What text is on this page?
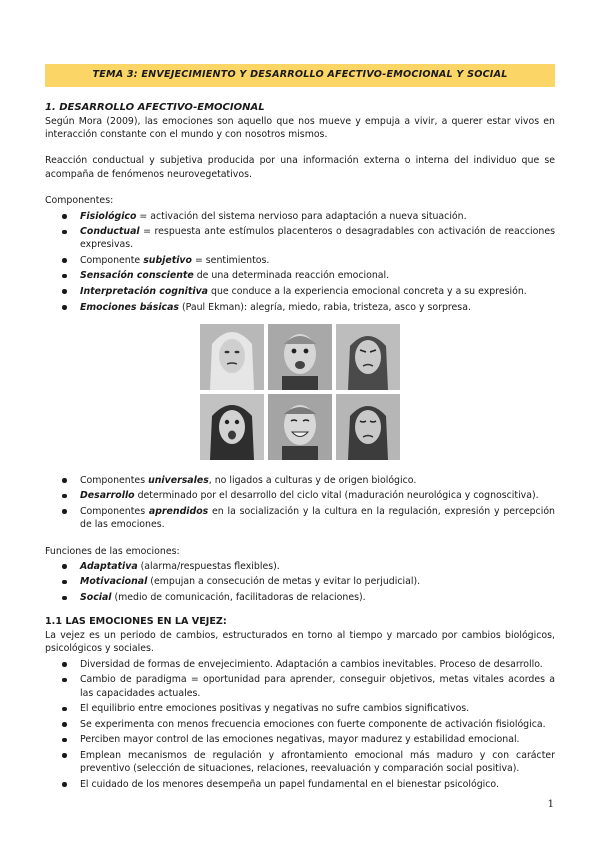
TEMA 3: ENVEJECIMIENTO Y DESARROLLO AFECTIVO-EMOCIONAL Y SOCIAL
1. DESARROLLO AFECTIVO-EMOCIONAL

Según Mora (2009), las emociones son aquello que nos mueve y empuja a vivir, a querer estar vivos en interacción constante con el mundo y con nosotros mismos.

Reacción conductual y subjetiva producida por una información externa o interna del individuo que se acompaña de fenómenos neurovegetativos.

Componentes:

Fisiológico = activación del sistema nervioso para adaptación a nueva situación.
Conductual = respuesta ante estímulos placenteros o desagradables con activación de reacciones expresivas.
Componente subjetivo = sentimientos.
Sensación consciente de una determinada reacción emocional.
Interpretación cognitiva que conduce a la experiencia emocional concreta y a su expresión.
Emociones básicas (Paul Ekman): alegría, miedo, rabia, tristeza, asco y sorpresa.
Componentes universales, no ligados a culturas y de origen biológico.
Desarrollo determinado por el desarrollo del ciclo vital (maduración neurológica y cognoscitiva).
Componentes aprendidos en la socialización y la cultura en la regulación, expresión y percepción de las emociones.

Funciones de las emociones:

Adaptativa (alarma/respuestas flexibles).
Motivacional (empujan a consecución de metas y evitar lo perjudicial).
Social (medio de comunicación, facilitadoras de relaciones).
1.1 LAS EMOCIONES EN LA VEJEZ:

La vejez es un periodo de cambios, estructurados en torno al tiempo y marcado por cambios biológicos, psicológicos y sociales.

Diversidad de formas de envejecimiento. Adaptación a cambios inevitables. Proceso de desarrollo.
Cambio de paradigma = oportunidad para aprender, conseguir objetivos, metas vitales acordes a las capacidades actuales.
El equilibrio entre emociones positivas y negativas no sufre cambios significativos.
Se experimenta con menos frecuencia emociones con fuerte componente de activación fisiológica.
Perciben mayor control de las emociones negativas, mayor madurez y estabilidad emocional.
Emplean mecanismos de regulación y afrontamiento emocional más maduro y con carácter preventivo (selección de situaciones, relaciones, reevaluación y comparación social positiva).
El cuidado de los menores desempeña un papel fundamental en el bienestar psicológico.
1
